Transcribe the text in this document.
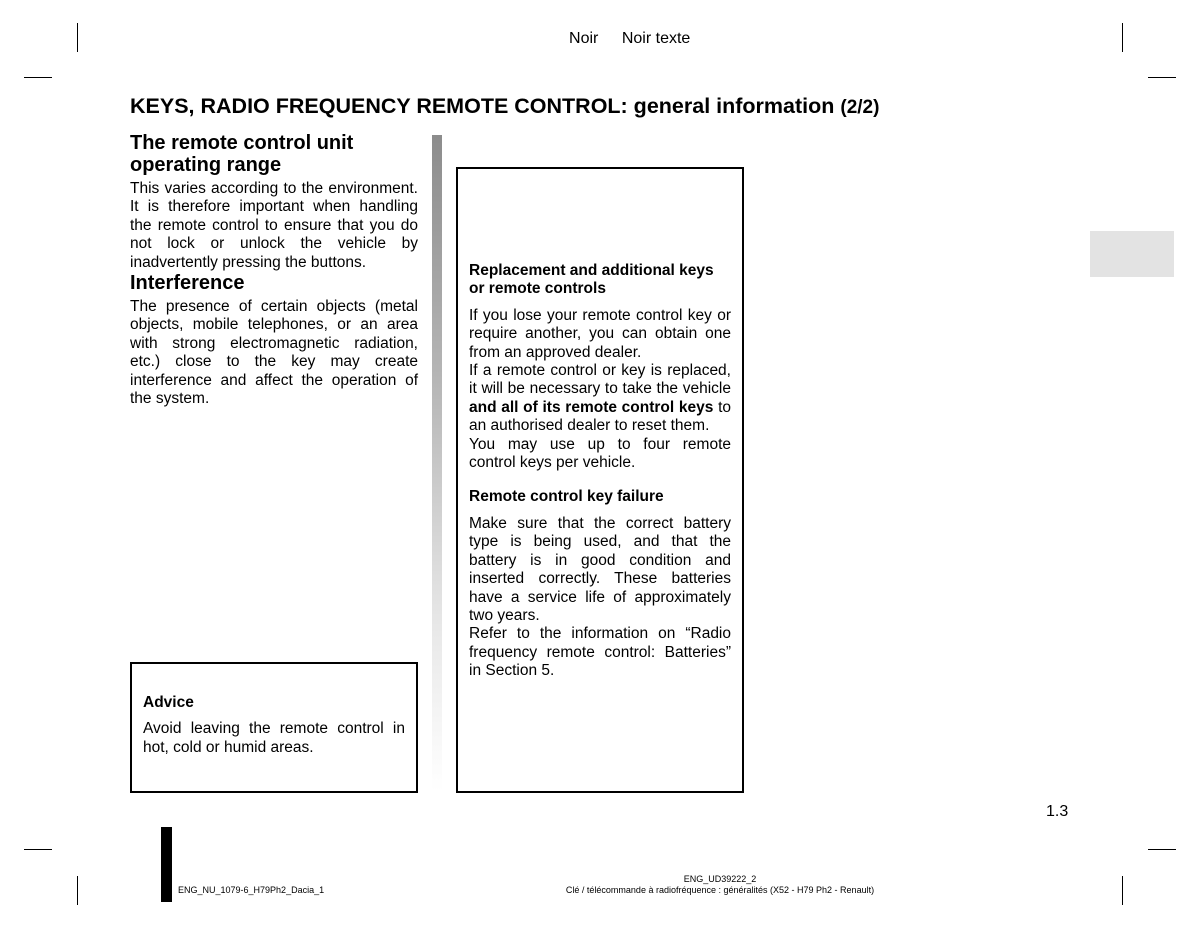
Jaune Noir Noir texte
KEYS, RADIO FREQUENCY REMOTE CONTROL: general information (2/2)
The remote control unit operating range

This varies according to the environment. It is therefore important when handling the remote control to ensure that you do not lock or unlock the vehicle by inadvertently pressing the buttons.

Interference

The presence of certain objects (metal objects, mobile telephones, or an area with strong electromagnetic radiation, etc.) close to the key may create interference and affect the operation of the system.

Advice

Avoid leaving the remote control in hot, cold or humid areas.

Replacement and additional keys or remote controls

If you lose your remote control key or require another, you can obtain one from an approved dealer.

If a remote control or key is replaced, it will be necessary to take the vehicle and all of its remote control keys to an authorised dealer to reset them.

You may use up to four remote control keys per vehicle.

Remote control key failure

Make sure that the correct battery type is being used, and that the battery is in good condition and inserted correctly. These batteries have a service life of approximately two years.

Refer to the information on “Radio frequency remote control: Batteries” in Section 5.

1.3
ENG_NU_1079-6_H79Ph2_Dacia_1
ENG_UD39222_2
Clé / télécommande à radiofréquence : généralités (X52 - H79 Ph2 - Renault)
